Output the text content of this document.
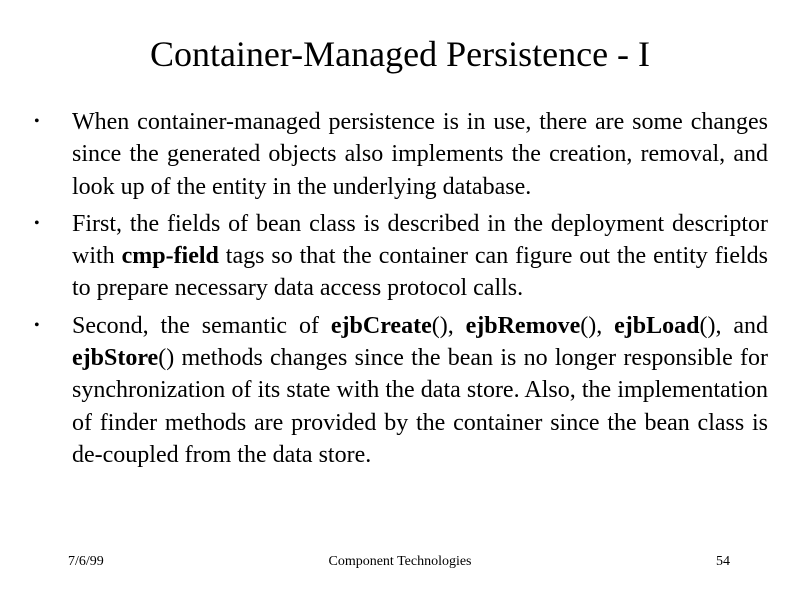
Container-Managed Persistence - I
•	When container-managed persistence is in use, there are some changes since the generated objects also implements the creation, removal, and look up of the entity in the underlying database.
•	First, the fields of bean class is described in the deployment descriptor with cmp-field tags so that the container can figure out the entity fields to prepare necessary data access protocol calls.
•	Second, the semantic of ejbCreate(), ejbRemove(), ejbLoad(), and ejbStore() methods changes since the bean is no longer responsible for synchronization of its state with the data store. Also, the implementation of finder methods are provided by the container since the bean class is de-coupled from the data store.
7/6/99	Component Technologies	54
